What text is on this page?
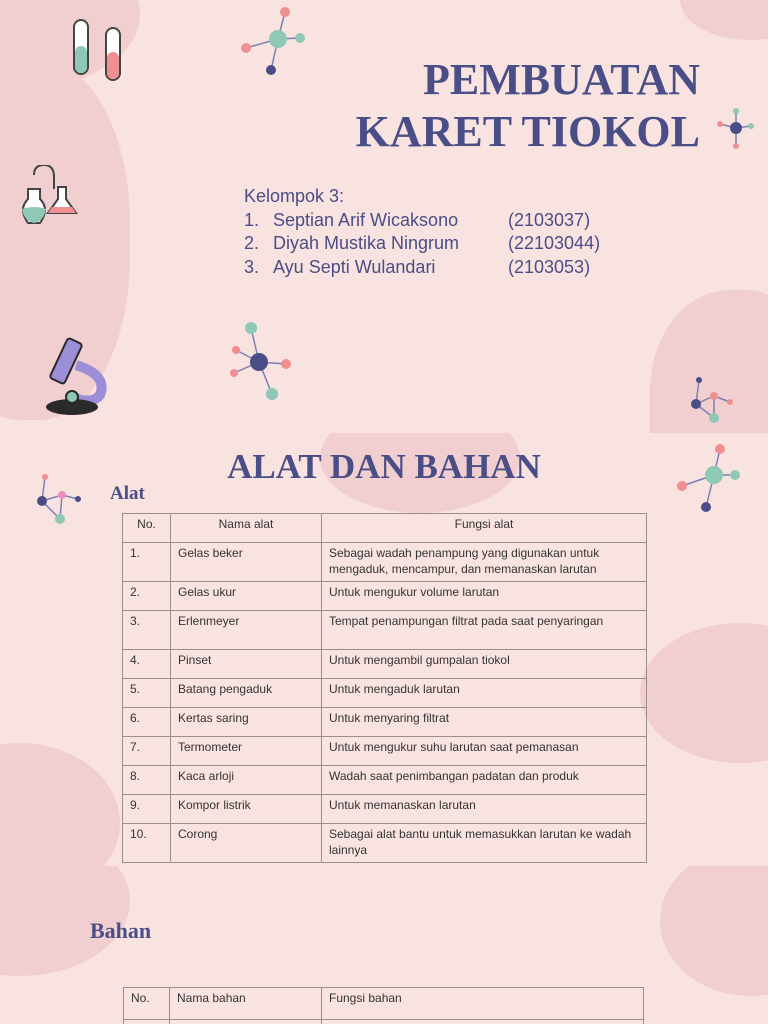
PEMBUATAN
KARET TIOKOL
Kelompok 3:
1. Septian Arif Wicaksono	(2103037)
2. Diyah Mustika Ningrum	(22103044)
3. Ayu Septi Wulandari	(2103053)
ALAT DAN BAHAN
Alat
No.	Nama alat	Fungsi alat
1.	Gelas beker	Sebagai wadah penampung yang digunakan untuk mengaduk, mencampur, dan memanaskan larutan
2.	Gelas ukur	Untuk mengukur volume larutan
3.	Erlenmeyer	Tempat penampungan filtrat pada saat penyaringan
4.	Pinset	Untuk mengambil gumpalan tiokol
5.	Batang pengaduk	Untuk mengaduk larutan
6.	Kertas saring	Untuk menyaring filtrat
7.	Termometer	Untuk mengukur suhu larutan saat pemanasan
8.	Kaca arloji	Wadah saat penimbangan padatan dan produk
9.	Kompor listrik	Untuk memanaskan larutan
10.	Corong	Sebagai alat bantu untuk memasukkan larutan ke wadah lainnya
Bahan
No.	Nama bahan	Fungsi bahan
